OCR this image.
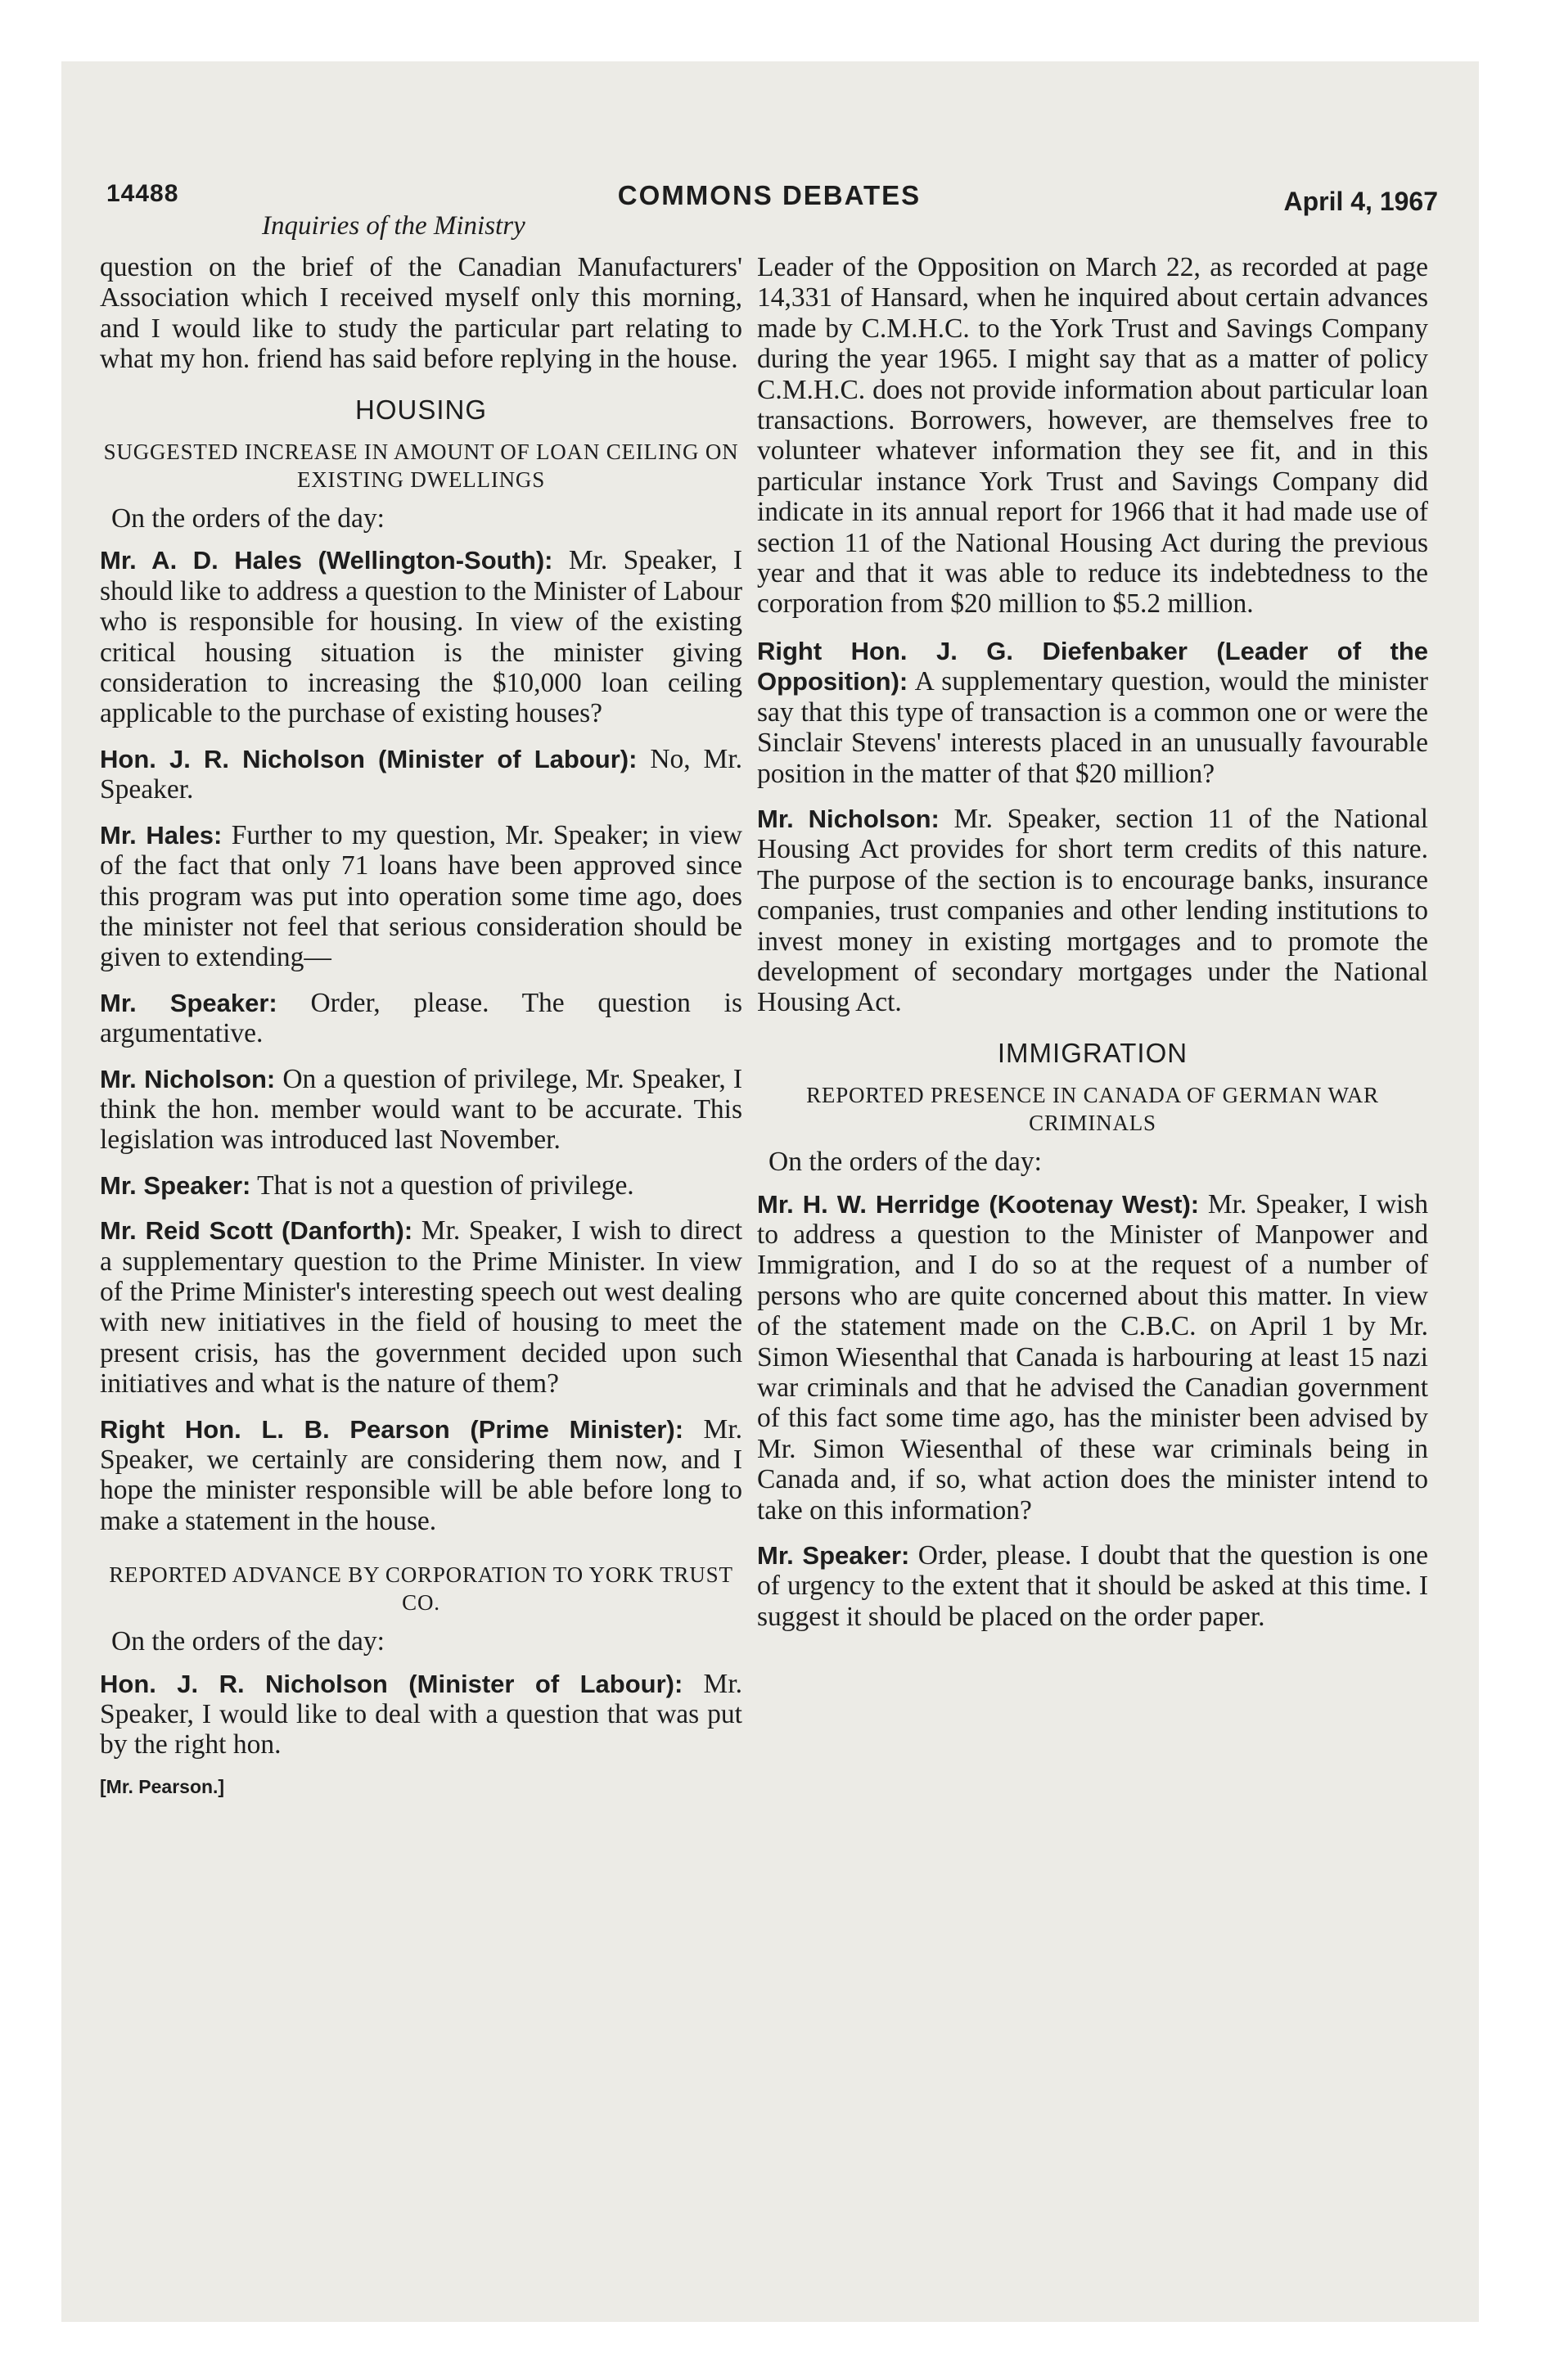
14488	COMMONS DEBATES	April 4, 1967
Inquiries of the Ministry

question on the brief of the Canadian Manufacturers' Association which I received myself only this morning, and I would like to study the particular part relating to what my hon. friend has said before replying in the house.

HOUSING
SUGGESTED INCREASE IN AMOUNT OF LOAN CEILING ON EXISTING DWELLINGS

On the orders of the day:

Mr. A. D. Hales (Wellington-South): Mr. Speaker, I should like to address a question to the Minister of Labour who is responsible for housing. In view of the existing critical housing situation is the minister giving consideration to increasing the $10,000 loan ceiling applicable to the purchase of existing houses?

Hon. J. R. Nicholson (Minister of Labour): No, Mr. Speaker.

Mr. Hales: Further to my question, Mr. Speaker; in view of the fact that only 71 loans have been approved since this program was put into operation some time ago, does the minister not feel that serious consideration should be given to extending—

Mr. Speaker: Order, please. The question is argumentative.

Mr. Nicholson: On a question of privilege, Mr. Speaker, I think the hon. member would want to be accurate. This legislation was introduced last November.

Mr. Speaker: That is not a question of privilege.

Mr. Reid Scott (Danforth): Mr. Speaker, I wish to direct a supplementary question to the Prime Minister. In view of the Prime Minister's interesting speech out west dealing with new initiatives in the field of housing to meet the present crisis, has the government decided upon such initiatives and what is the nature of them?

Right Hon. L. B. Pearson (Prime Minister): Mr. Speaker, we certainly are considering them now, and I hope the minister responsible will be able before long to make a statement in the house.

REPORTED ADVANCE BY CORPORATION TO YORK TRUST CO.

On the orders of the day:

Hon. J. R. Nicholson (Minister of Labour): Mr. Speaker, I would like to deal with a question that was put by the right hon.

[Mr. Pearson.]

Leader of the Opposition on March 22, as recorded at page 14,331 of Hansard, when he inquired about certain advances made by C.M.H.C. to the York Trust and Savings Company during the year 1965. I might say that as a matter of policy C.M.H.C. does not provide information about particular loan transactions. Borrowers, however, are themselves free to volunteer whatever information they see fit, and in this particular instance York Trust and Savings Company did indicate in its annual report for 1966 that it had made use of section 11 of the National Housing Act during the previous year and that it was able to reduce its indebtedness to the corporation from $20 million to $5.2 million.

Right Hon. J. G. Diefenbaker (Leader of the Opposition): A supplementary question, would the minister say that this type of transaction is a common one or were the Sinclair Stevens' interests placed in an unusually favourable position in the matter of that $20 million?

Mr. Nicholson: Mr. Speaker, section 11 of the National Housing Act provides for short term credits of this nature. The purpose of the section is to encourage banks, insurance companies, trust companies and other lending institutions to invest money in existing mortgages and to promote the development of secondary mortgages under the National Housing Act.

IMMIGRATION
REPORTED PRESENCE IN CANADA OF GERMAN WAR CRIMINALS

On the orders of the day:

Mr. H. W. Herridge (Kootenay West): Mr. Speaker, I wish to address a question to the Minister of Manpower and Immigration, and I do so at the request of a number of persons who are quite concerned about this matter. In view of the statement made on the C.B.C. on April 1 by Mr. Simon Wiesenthal that Canada is harbouring at least 15 nazi war criminals and that he advised the Canadian government of this fact some time ago, has the minister been advised by Mr. Simon Wiesenthal of these war criminals being in Canada and, if so, what action does the minister intend to take on this information?

Mr. Speaker: Order, please. I doubt that the question is one of urgency to the extent that it should be asked at this time. I suggest it should be placed on the order paper.
